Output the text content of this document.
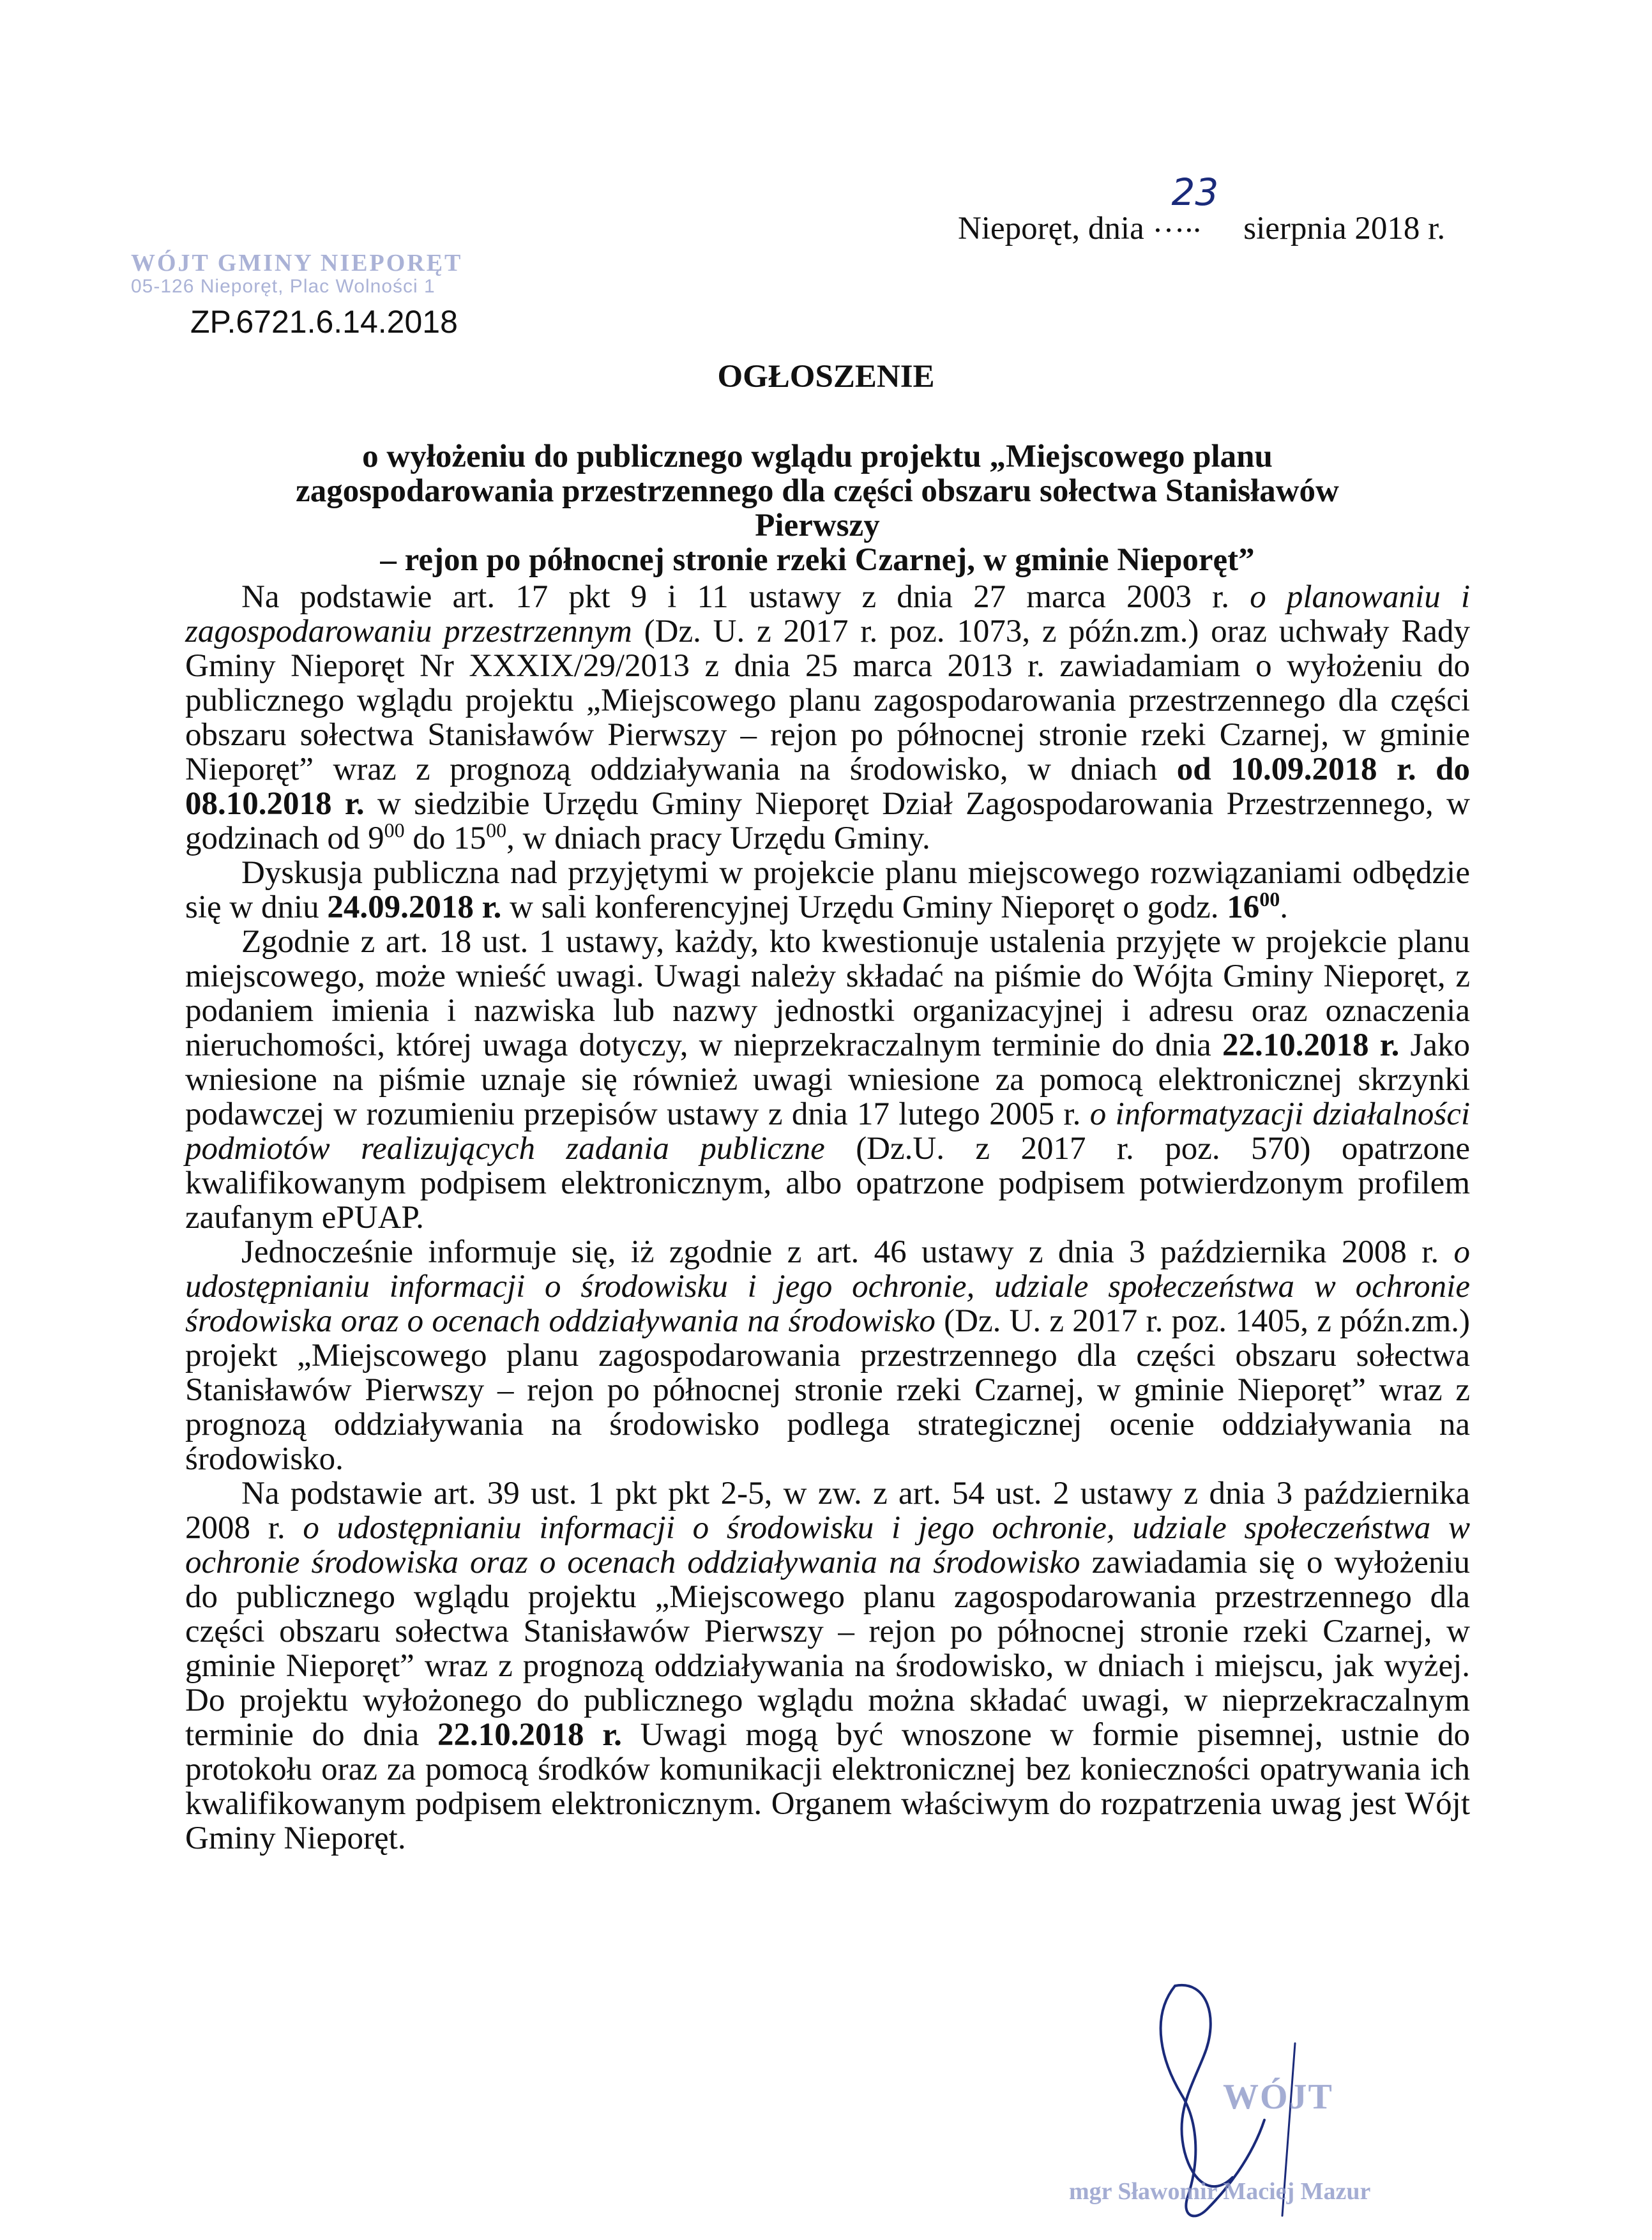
Nieporęt, dnia …..
23
sierpnia 2018 r.
WÓJT GMINY NIEPORĘT
05-126 Nieporęt, Plac Wolności 1
ZP.6721.6.14.2018
OGŁOSZENIE
o wyłożeniu do publicznego wglądu projektu „Miejscowego planu
zagospodarowania przestrzennego dla części obszaru sołectwa Stanisławów Pierwszy
– rejon po północnej stronie rzeki Czarnej, w gminie Nieporęt”

Na podstawie art. 17 pkt 9 i 11 ustawy z dnia 27 marca 2003 r. o planowaniu i zagospodarowaniu przestrzennym (Dz. U. z 2017 r. poz. 1073, z późn.zm.) oraz uchwały Rady Gminy Nieporęt Nr XXXIX/29/2013 z dnia 25 marca 2013 r. zawiadamiam o wyłożeniu do publicznego wglądu projektu „Miejscowego planu zagospodarowania przestrzennego dla części obszaru sołectwa Stanisławów Pierwszy – rejon po północnej stronie rzeki Czarnej, w gminie Nieporęt” wraz z prognozą oddziaływania na środowisko, w dniach od 10.09.2018 r. do 08.10.2018 r. w siedzibie Urzędu Gminy Nieporęt Dział Zagospodarowania Przestrzennego, w godzinach od $9^{00}$ do $15^{00}$, w dniach pracy Urzędu Gminy.

Dyskusja publiczna nad przyjętymi w projekcie planu miejscowego rozwiązaniami odbędzie się w dniu 24.09.2018 r. w sali konferencyjnej Urzędu Gminy Nieporęt o godz. $16^{00}$.

Zgodnie z art. 18 ust. 1 ustawy, każdy, kto kwestionuje ustalenia przyjęte w projekcie planu miejscowego, może wnieść uwagi. Uwagi należy składać na piśmie do Wójta Gminy Nieporęt, z podaniem imienia i nazwiska lub nazwy jednostki organizacyjnej i adresu oraz oznaczenia nieruchomości, której uwaga dotyczy, w nieprzekraczalnym terminie do dnia 22.10.2018 r. Jako wniesione na piśmie uznaje się również uwagi wniesione za pomocą elektronicznej skrzynki podawczej w rozumieniu przepisów ustawy z dnia 17 lutego 2005 r. o informatyzacji działalności podmiotów realizujących zadania publiczne (Dz.U. z 2017 r. poz. 570) opatrzone kwalifikowanym podpisem elektronicznym, albo opatrzone podpisem potwierdzonym profilem zaufanym ePUAP.

Jednocześnie informuje się, iż zgodnie z art. 46 ustawy z dnia 3 października 2008 r. o udostępnianiu informacji o środowisku i jego ochronie, udziale społeczeństwa w ochronie środowiska oraz o ocenach oddziaływania na środowisko (Dz. U. z 2017 r. poz. 1405, z późn.zm.) projekt „Miejscowego planu zagospodarowania przestrzennego dla części obszaru sołectwa Stanisławów Pierwszy – rejon po północnej stronie rzeki Czarnej, w gminie Nieporęt” wraz z prognozą oddziaływania na środowisko podlega strategicznej ocenie oddziaływania na środowisko.

Na podstawie art. 39 ust. 1 pkt pkt 2-5, w zw. z art. 54 ust. 2 ustawy z dnia 3 października 2008 r. o udostępnianiu informacji o środowisku i jego ochronie, udziale społeczeństwa w ochronie środowiska oraz o ocenach oddziaływania na środowisko zawiadamia się o wyłożeniu do publicznego wglądu projektu „Miejscowego planu zagospodarowania przestrzennego dla części obszaru sołectwa Stanisławów Pierwszy – rejon po północnej stronie rzeki Czarnej, w gminie Nieporęt” wraz z prognozą oddziaływania na środowisko, w dniach i miejscu, jak wyżej. Do projektu wyłożonego do publicznego wglądu można składać uwagi, w nieprzekraczalnym terminie do dnia 22.10.2018 r. Uwagi mogą być wnoszone w formie pisemnej, ustnie do protokołu oraz za pomocą środków komunikacji elektronicznej bez konieczności opatrywania ich kwalifikowanym podpisem elektronicznym. Organem właściwym do rozpatrzenia uwag jest Wójt Gminy Nieporęt.

WÓJT
mgr Sławomir Maciej Mazur
